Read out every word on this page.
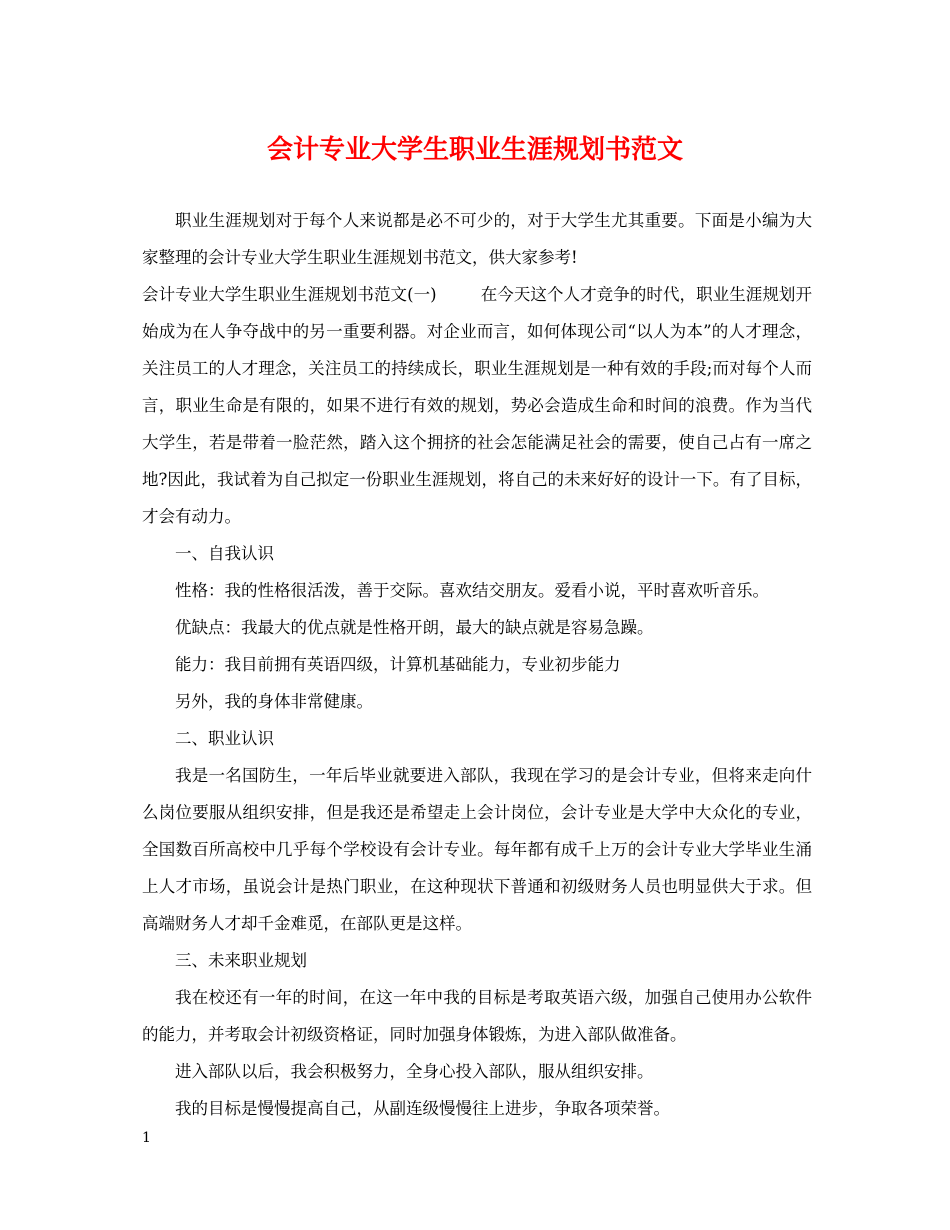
会计专业大学生职业生涯规划书范文

职业生涯规划对于每个人来说都是必不可少的，对于大学生尤其重要。下面是小编为大家整理的会计专业大学生职业生涯规划书范文，供大家参考!

会计专业大学生职业生涯规划书范文(一)	在今天这个人才竞争的时代，职业生涯规划开始成为在人争夺战中的另一重要利器。对企业而言，如何体现公司“以人为本”的人才理念，关注员工的人才理念，关注员工的持续成长，职业生涯规划是一种有效的手段;而对每个人而言，职业生命是有限的，如果不进行有效的规划，势必会造成生命和时间的浪费。作为当代大学生，若是带着一脸茫然，踏入这个拥挤的社会怎能满足社会的需要，使自己占有一席之地?因此，我试着为自己拟定一份职业生涯规划，将自己的未来好好的设计一下。有了目标，才会有动力。

一、自我认识

性格：我的性格很活泼，善于交际。喜欢结交朋友。爱看小说，平时喜欢听音乐。

优缺点：我最大的优点就是性格开朗，最大的缺点就是容易急躁。

能力：我目前拥有英语四级，计算机基础能力，专业初步能力

另外，我的身体非常健康。

二、职业认识

我是一名国防生，一年后毕业就要进入部队，我现在学习的是会计专业，但将来走向什么岗位要服从组织安排，但是我还是希望走上会计岗位，会计专业是大学中大众化的专业，全国数百所高校中几乎每个学校设有会计专业。每年都有成千上万的会计专业大学毕业生涌上人才市场，虽说会计是热门职业，在这种现状下普通和初级财务人员也明显供大于求。但高端财务人才却千金难觅，在部队更是这样。

三、未来职业规划

我在校还有一年的时间，在这一年中我的目标是考取英语六级，加强自己使用办公软件的能力，并考取会计初级资格证，同时加强身体锻炼，为进入部队做准备。

进入部队以后，我会积极努力，全身心投入部队，服从组织安排。

我的目标是慢慢提高自己，从副连级慢慢往上进步，争取各项荣誉。

1
